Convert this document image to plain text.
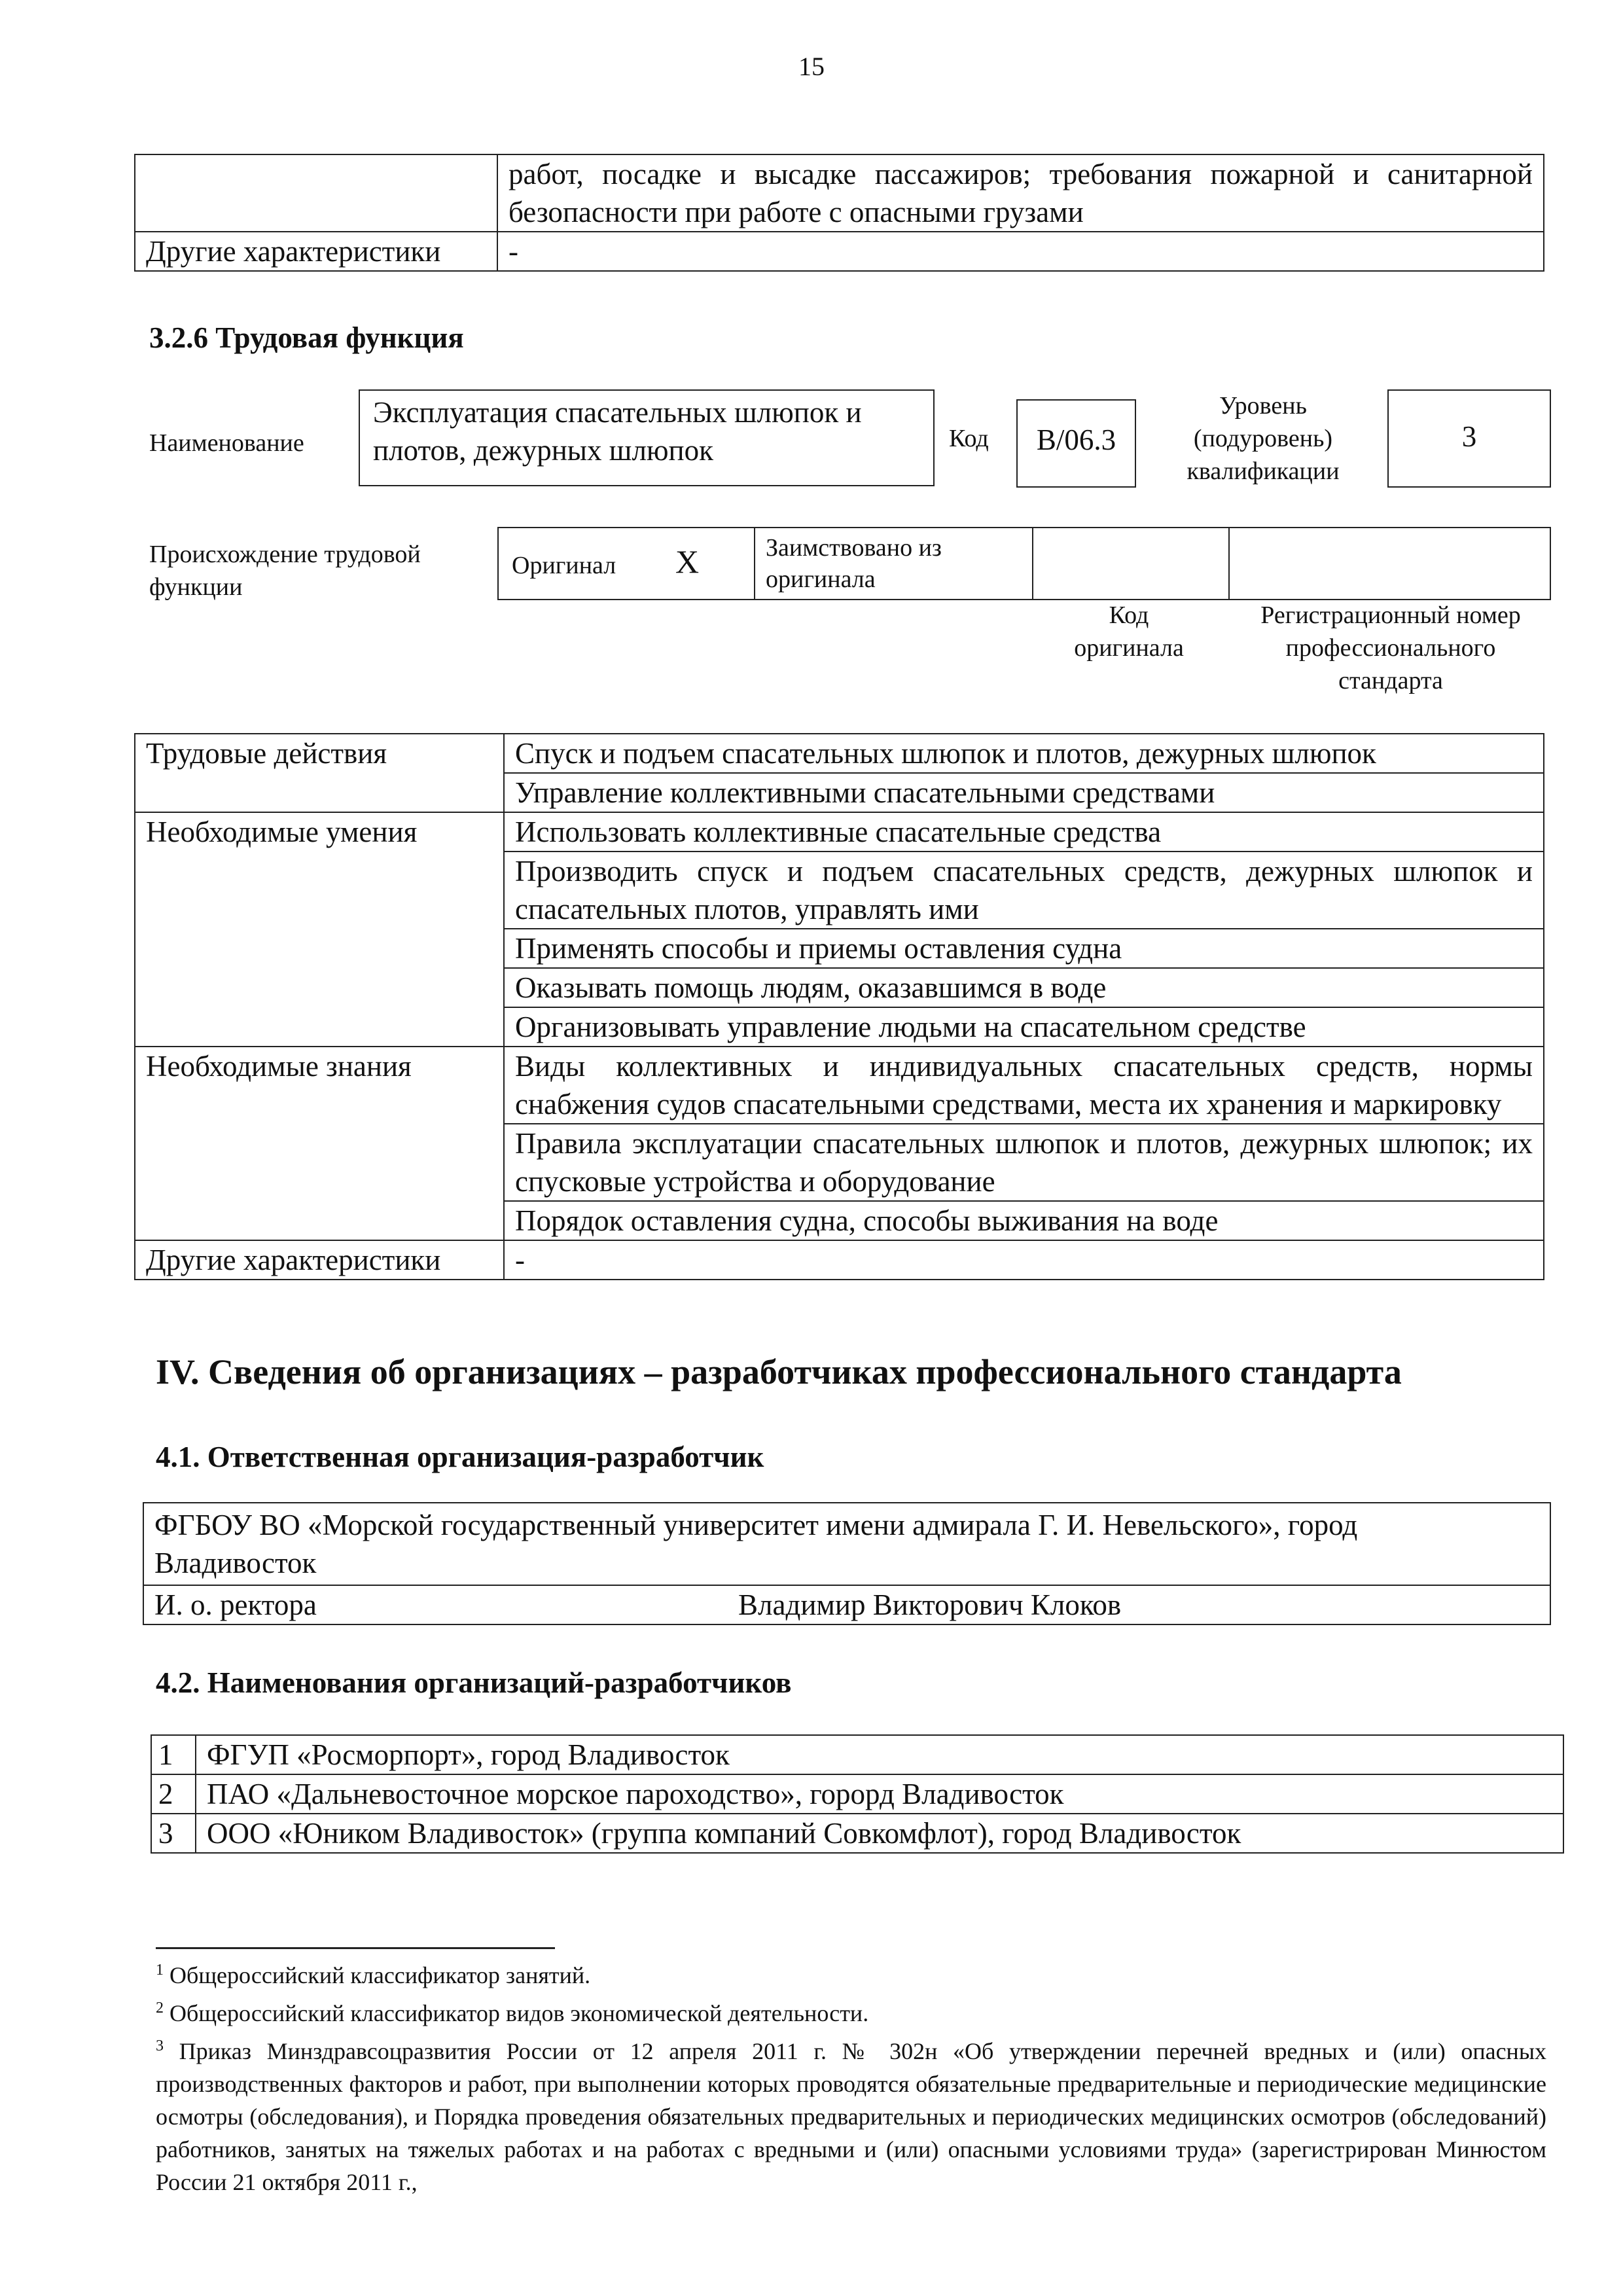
15
	работ, посадке и высадке пассажиров; требования пожарной и санитарной безопасности при работе с опасными грузами
Другие характеристики	-
3.2.6 Трудовая функция
Наименование
Эксплуатация спасательных шлюпок и плотов, дежурных шлюпок	Код	B/06.3
Уровень
(подуровень)
квалификации
3
Происхождение трудовой
функции
Оригинал X	Заимствовано из
оригинала
Код
оригинала
Регистрационный номер
профессионального
стандарта
Трудовые действия	Спуск и подъем спасательных шлюпок и плотов, дежурных шлюпок
	Управление коллективными спасательными средствами
Необходимые умения	Использовать коллективные спасательные средства
	Производить спуск и подъем спасательных средств, дежурных шлюпок и спасательных плотов, управлять ими
	Применять способы и приемы оставления судна
	Оказывать помощь людям, оказавшимся в воде
	Организовывать управление людьми на спасательном средстве
Необходимые знания	Виды коллективных и индивидуальных спасательных средств, нормы снабжения судов спасательными средствами, места их хранения и маркировку
	Правила эксплуатации спасательных шлюпок и плотов, дежурных шлюпок; их спусковые устройства и оборудование
	Порядок оставления судна, способы выживания на воде
Другие характеристики	-
IV. Сведения об организациях – разработчиках профессионального стандарта
4.1. Ответственная организация-разработчик
ФГБОУ ВО «Морской государственный университет имени адмирала Г. И. Невельского», город
Владивосток

И. о. ректора	Владимир Викторович Клоков
4.2. Наименования организаций-разработчиков
1	ФГУП «Росморпорт», город Владивосток
2	ПАО «Дальневосточное морское пароходство», горорд Владивосток
3	ООО «Юником Владивосток» (группа компаний Совкомфлот), город Владивосток
$^1$ Общероссийский классификатор занятий.
$^2$ Общероссийский классификатор видов экономической деятельности.
$^3$ Приказ Минздравсоцразвития России от 12 апреля 2011 г. № 302н «Об утверждении перечней вредных и (или) опасных производственных факторов и работ, при выполнении которых проводятся обязательные предварительные и периодические медицинские осмотры (обследования), и Порядка проведения обязательных предварительных и периодических медицинских осмотров (обследований) работников, занятых на тяжелых работах и на работах с вредными и (или) опасными условиями труда» (зарегистрирован Минюстом России 21 октября 2011 г.,
